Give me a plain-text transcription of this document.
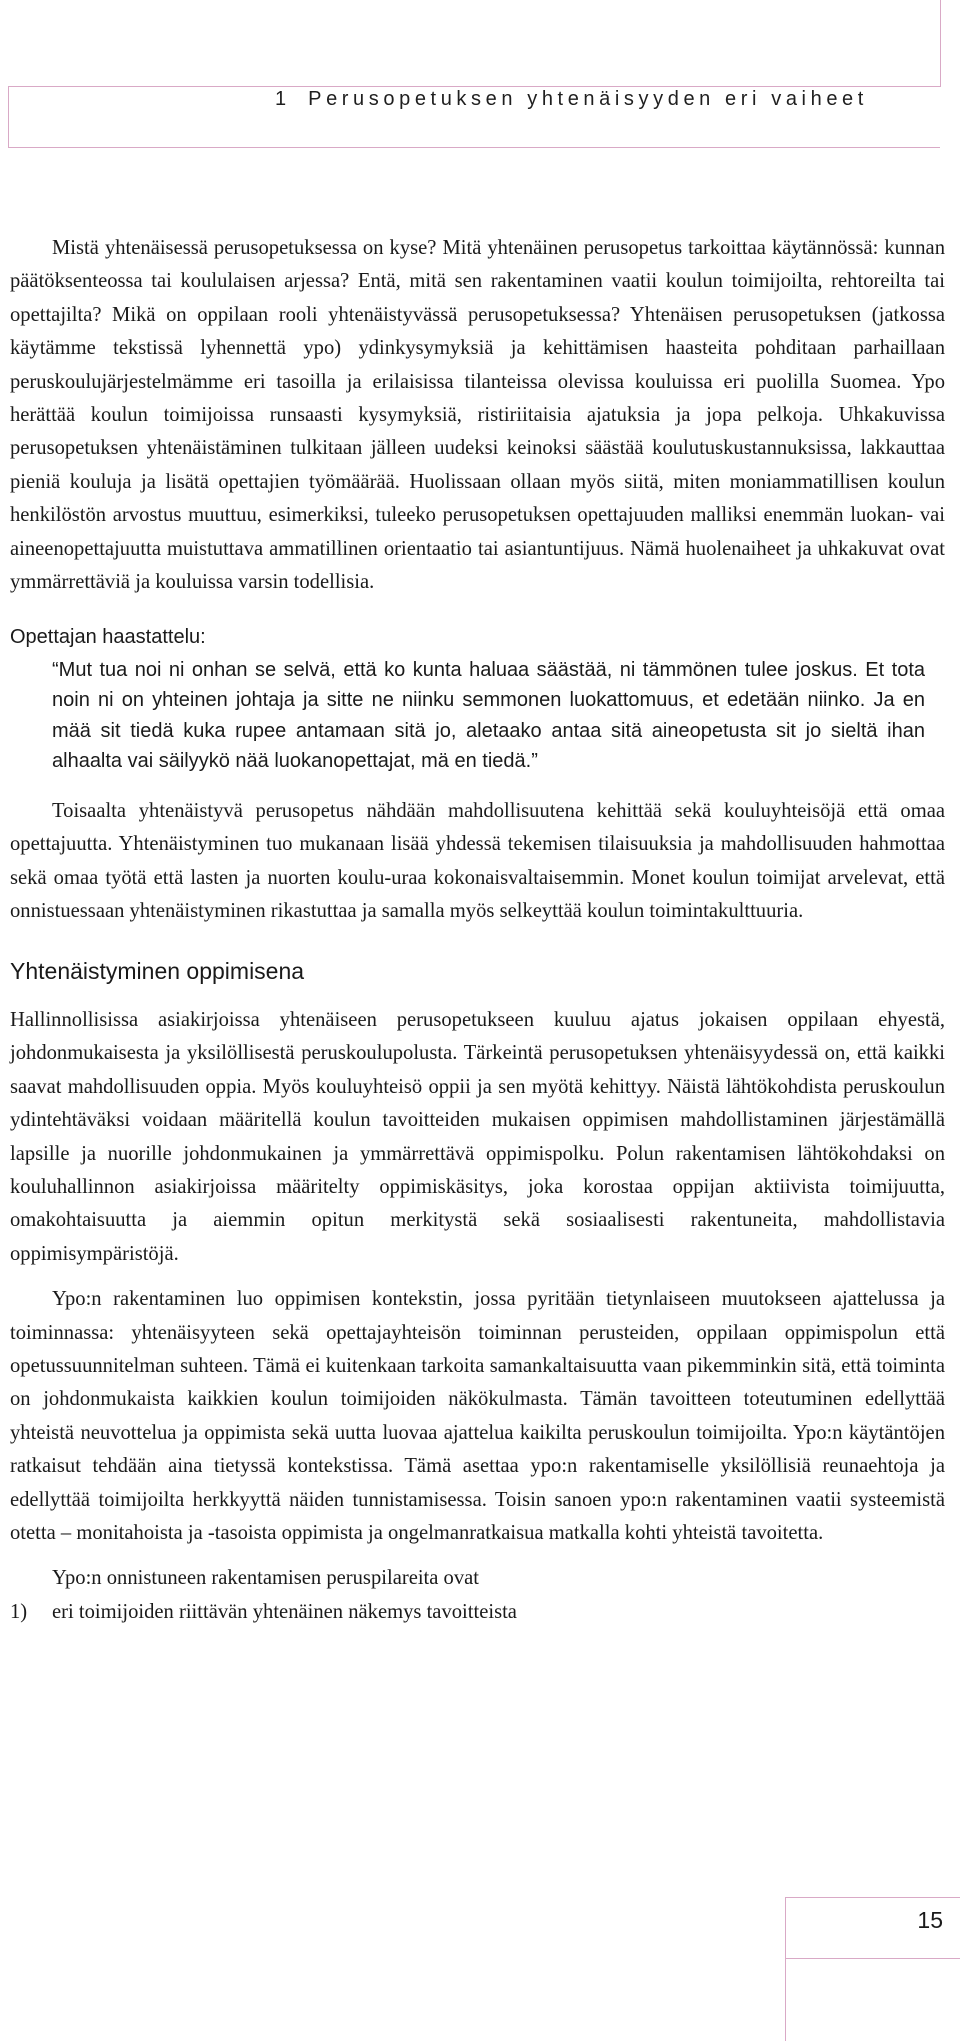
1 Perusopetuksen yhtenäisyyden eri vaiheet

Mistä yhtenäisessä perusopetuksessa on kyse? Mitä yhtenäinen perusopetus tarkoittaa käytännössä: kunnan päätöksenteossa tai koululaisen arjessa? Entä, mitä sen rakentaminen vaatii koulun toimijoilta, rehtoreilta tai opettajilta? Mikä on oppilaan rooli yhtenäistyvässä perusopetuksessa? Yhtenäisen perusopetuksen (jatkossa käytämme tekstissä lyhennettä ypo) ydinkysymyksiä ja kehittämisen haasteita pohditaan parhaillaan peruskoulujärjestelmämme eri tasoilla ja erilaisissa tilanteissa olevissa kouluissa eri puolilla Suomea. Ypo herättää koulun toimijoissa runsaasti kysymyksiä, ristiriitaisia ajatuksia ja jopa pelkoja. Uhkakuvissa perusopetuksen yhtenäistäminen tulkitaan jälleen uudeksi keinoksi säästää koulutuskustannuksissa, lakkauttaa pieniä kouluja ja lisätä opettajien työmäärää. Huolissaan ollaan myös siitä, miten moniammatillisen koulun henkilöstön arvostus muuttuu, esimerkiksi, tuleeko perusopetuksen opettajuuden malliksi enemmän luokan- vai aineenopettajuutta muistuttava ammatillinen orientaatio tai asiantuntijuus. Nämä huolenaiheet ja uhkakuvat ovat ymmärrettäviä ja kouluissa varsin todellisia.

Opettajan haastattelu:

“Mut tua noi ni onhan se selvä, että ko kunta haluaa säästää, ni tämmönen tulee joskus. Et tota noin ni on yhteinen johtaja ja sitte ne niinku semmonen luokattomuus, et edetään niinko. Ja en mää sit tiedä kuka rupee antamaan sitä jo, aletaako antaa sitä aineopetusta sit jo sieltä ihan alhaalta vai säilyykö nää luokanopettajat, mä en tiedä.”

Toisaalta yhtenäistyvä perusopetus nähdään mahdollisuutena kehittää sekä kouluyhteisöjä että omaa opettajuutta. Yhtenäistyminen tuo mukanaan lisää yhdessä tekemisen tilaisuuksia ja mahdollisuuden hahmottaa sekä omaa työtä että lasten ja nuorten koulu-uraa kokonaisvaltaisemmin. Monet koulun toimijat arvelevat, että onnistuessaan yhtenäistyminen rikastuttaa ja samalla myös selkeyttää koulun toimintakulttuuria.

Yhtenäistyminen oppimisena

Hallinnollisissa asiakirjoissa yhtenäiseen perusopetukseen kuuluu ajatus jokaisen oppilaan ehyestä, johdonmukaisesta ja yksilöllisestä peruskoulupolusta. Tärkeintä perusopetuksen yhtenäisyydessä on, että kaikki saavat mahdollisuuden oppia. Myös kouluyhteisö oppii ja sen myötä kehittyy. Näistä lähtökohdista peruskoulun ydintehtäväksi voidaan määritellä koulun tavoitteiden mukaisen oppimisen mahdollistaminen järjestämällä lapsille ja nuorille johdonmukainen ja ymmärrettävä oppimispolku. Polun rakentamisen lähtökohdaksi on kouluhallinnon asiakirjoissa määritelty oppimiskäsitys, joka korostaa oppijan aktiivista toimijuutta, omakohtaisuutta ja aiemmin opitun merkitystä sekä sosiaalisesti rakentuneita, mahdollistavia oppimisympäristöjä.

Ypo:n rakentaminen luo oppimisen kontekstin, jossa pyritään tietynlaiseen muutokseen ajattelussa ja toiminnassa: yhtenäisyyteen sekä opettajayhteisön toiminnan perusteiden, oppilaan oppimispolun että opetussuunnitelman suhteen. Tämä ei kuitenkaan tarkoita samankaltaisuutta vaan pikemminkin sitä, että toiminta on johdonmukaista kaikkien koulun toimijoiden näkökulmasta. Tämän tavoitteen toteutuminen edellyttää yhteistä neuvottelua ja oppimista sekä uutta luovaa ajattelua kaikilta peruskoulun toimijoilta. Ypo:n käytäntöjen ratkaisut tehdään aina tietyssä kontekstissa. Tämä asettaa ypo:n rakentamiselle yksilöllisiä reunaehtoja ja edellyttää toimijoilta herkkyyttä näiden tunnistamisessa. Toisin sanoen ypo:n rakentaminen vaatii systeemistä otetta – monitahoista ja -tasoista oppimista ja ongelmanratkaisua matkalla kohti yhteistä tavoitetta.

Ypo:n onnistuneen rakentamisen peruspilareita ovat

1)	eri toimijoiden riittävän yhtenäinen näkemys tavoitteista
15
